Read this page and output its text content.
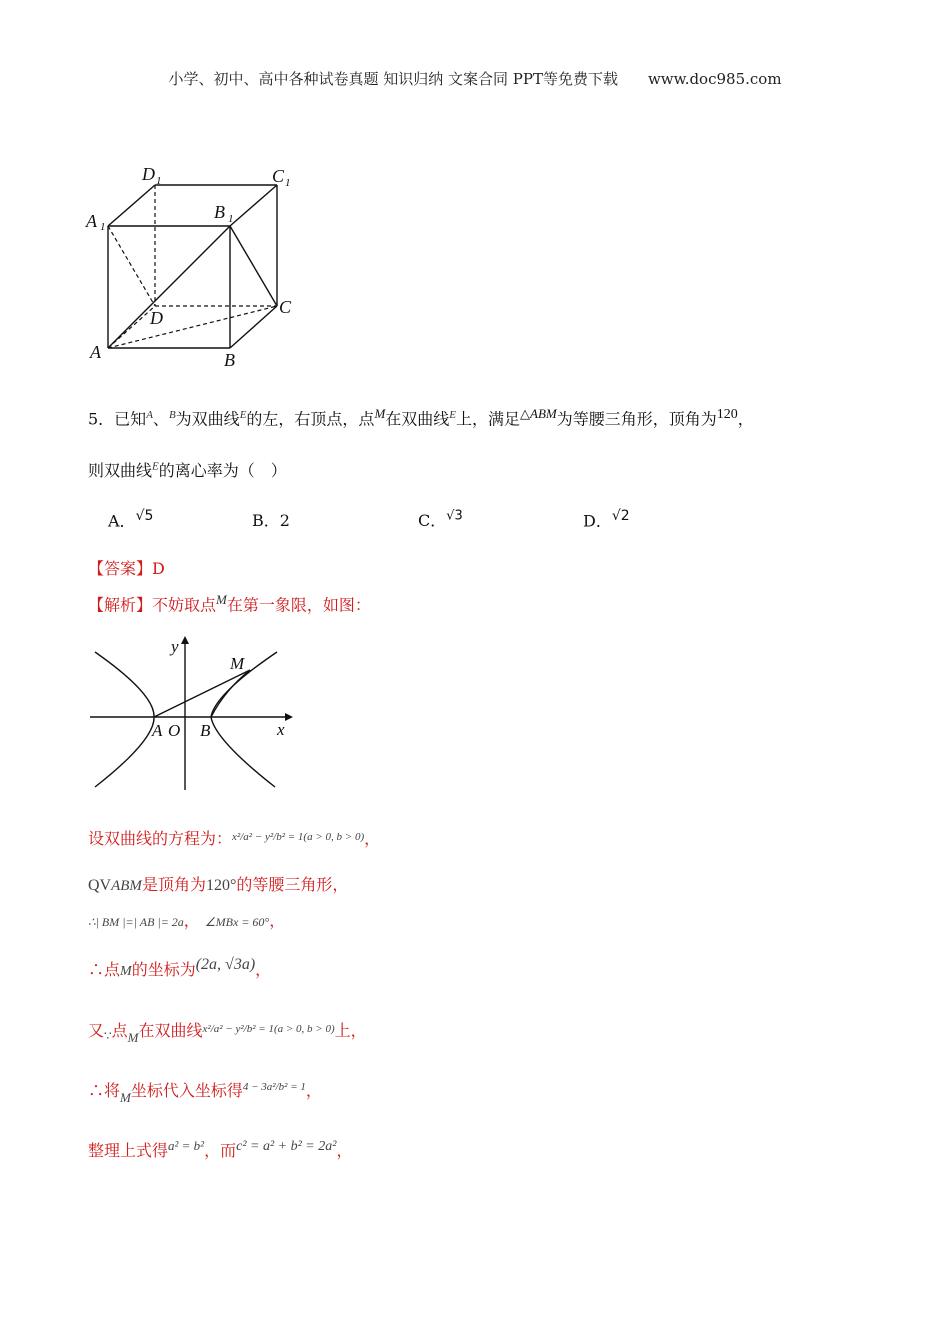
小学、初中、高中各种试卷真题 知识归纳 文案合同 PPT等免费下载　　www.doc985.com
A	B
C
D
A 1
B 1
C 1
D 1
5．已知$^A$、$^B$为双曲线$^E$的左，右顶点，点$^M$在双曲线$^E$上，满足$^{\triangle ABM}$为等腰三角形，顶角为$^{120}$，
则双曲线$^E$的离心率为（　）
A．$^{√5}$	B．2	C．$^{√3}$	D．$^{√2}$
【答案】D
【解析】不妨取点$^M$在第一象限，如图：
y
x
M
A O B
设双曲线的方程为：$^{x^2/a^2 - y^2/b^2 = 1(a > 0, b > 0)}$，
QVABM是顶角为120°的等腰三角形，
∴| BM |=| AB |= 2a， ∠MBx = 60°，
∴点M的坐标为(2a, √3a)，
又$_\because$点$_M$在双曲线$^{x^2/a^2 - y^2/b^2 = 1(a > 0, b > 0)}$上，
∴将$_M$坐标代入坐标得$^{4 - 3a^2/b^2 = 1}$，
整理上式得$^{a^2 = b^2}$，而c² = a² + b² = 2a²，
